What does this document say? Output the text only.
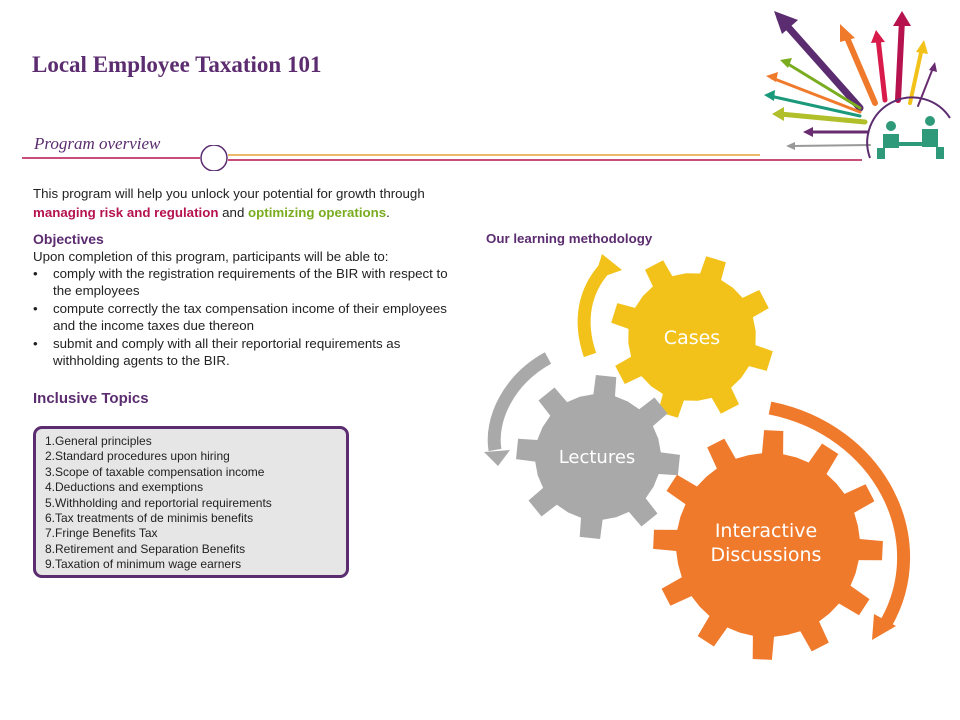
Local Employee Taxation 101
Program overview
This program will help you unlock your potential for growth through managing risk and regulation and optimizing operations.
Objectives
Upon completion of this program, participants will be able to:
• comply with the registration requirements of the BIR with respect to the employees
• compute correctly the tax compensation income of their employees and the income taxes due thereon
• submit and comply with all their reportorial requirements as withholding agents to the BIR.
Inclusive Topics
1.General principles
2.Standard procedures upon hiring
3.Scope of taxable compensation income
4.Deductions and exemptions
5.Withholding and reportorial requirements
6.Tax treatments of de minimis benefits
7.Fringe Benefits Tax
8.Retirement and Separation Benefits
9.Taxation of minimum wage earners
Our learning methodology
Cases
Lectures
Interactive
Discussions
